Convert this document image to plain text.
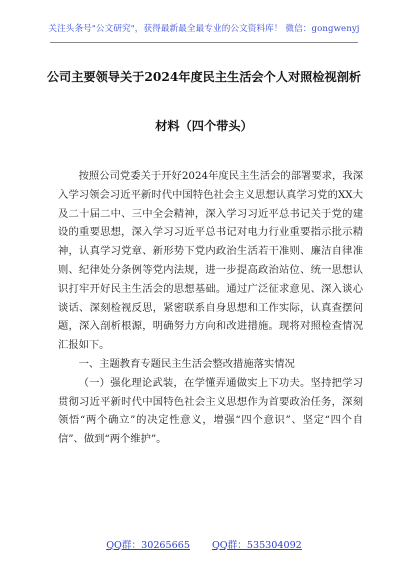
关注头条号"公文研究"，获得最新最全最专业的公文资料库！ 微信：gongwenyj
公司主要领导关于2024年度民主生活会个人对照检视剖析
材料（四个带头）

按照公司党委关于开好2024年度民主生活会的部署要求，我深入学习领会习近平新时代中国特色社会主义思想认真学习党的XX大及二十届二中、三中全会精神，深入学习习近平总书记关于党的建设的重要思想，深入学习习近平总书记对电力行业重要指示批示精神，认真学习党章、新形势下党内政治生活若干准则、廉洁自律准则、纪律处分条例等党内法规，进一步提高政治站位、统一思想认识打牢开好民主生活会的思想基础。通过广泛征求意见、深入谈心谈话、深刻检视反思，紧密联系自身思想和工作实际，认真查摆问题，深入剖析根源，明确努力方向和改进措施。现将对照检查情况汇报如下。

一、主题教育专题民主生活会整改措施落实情况

（一）强化理论武装，在学懂弄通做实上下功夫。坚持把学习贯彻习近平新时代中国特色社会主义思想作为首要政治任务，深刻领悟“两个确立”的决定性意义，增强“四个意识”、坚定“四个自信”、做到“两个维护”。

QQ群：30265665 QQ群：535304092
